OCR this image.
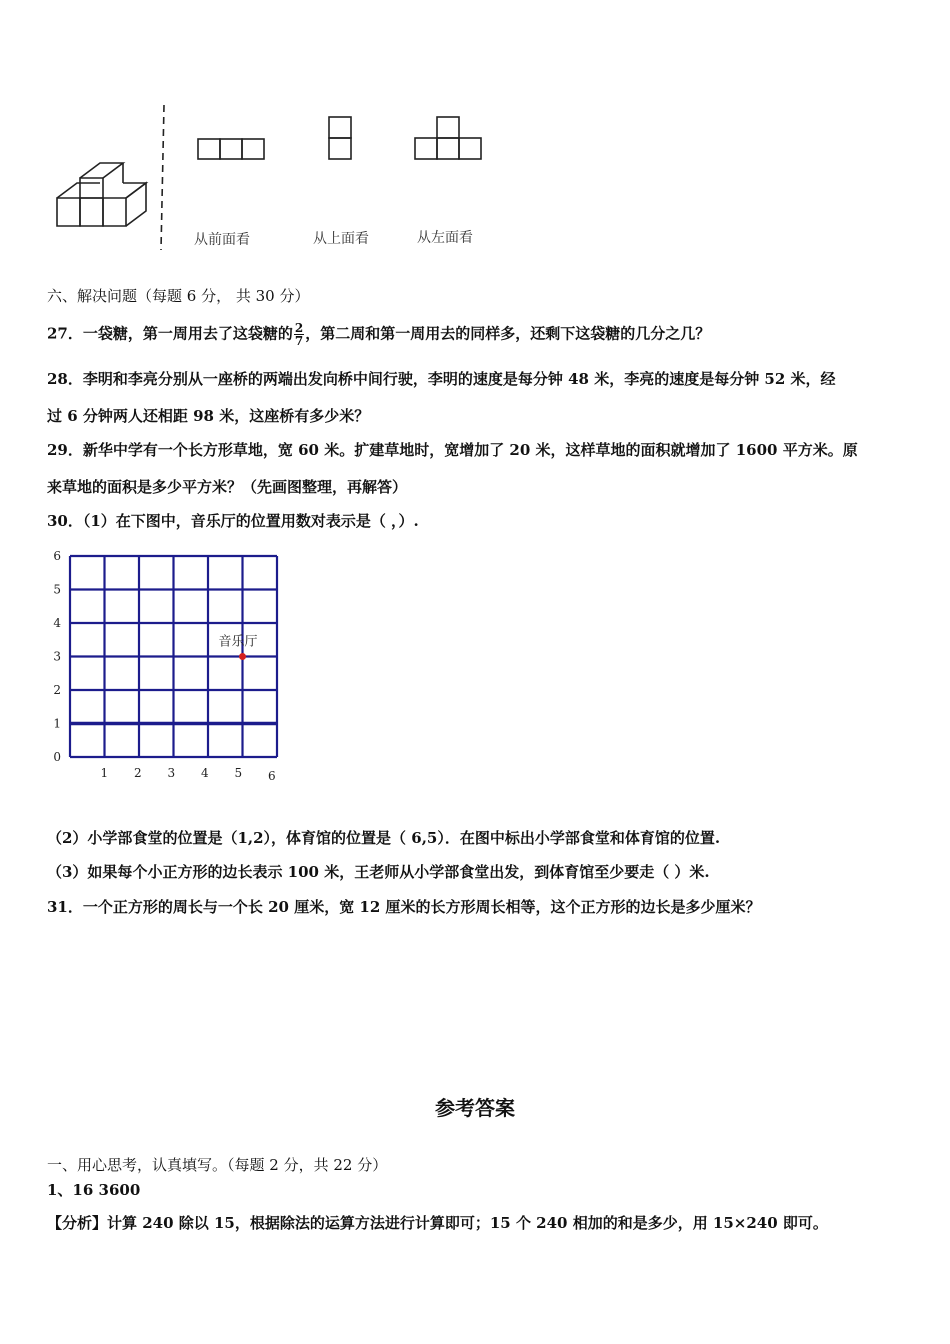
从前面看	从上面看	从左面看
六、解决问题（每题 6 分， 共 30 分）
27．一袋糖，第一周用去了这袋糖的 $\frac{2}{7}$ ，第二周和第一周用去的同样多，还剩下这袋糖的几分之几？
28．李明和李亮分别从一座桥的两端出发向桥中间行驶，李明的速度是每分钟 48 米，李亮的速度是每分钟 52 米，经
过 6 分钟两人还相距 98 米，这座桥有多少米？
29．新华中学有一个长方形草地，宽 60 米。扩建草地时，宽增加了 20 米，这样草地的面积就增加了 1600 平方米。原
来草地的面积是多少平方米？（先画图整理，再解答）
30．（1）在下图中，音乐厅的位置用数对表示是（ ，）.
1 2 3 4 5 6
0
1
2
3
4
5
6
音乐厅
（2）小学部食堂的位置是（1,2），体育馆的位置是（ 6,5）．在图中标出小学部食堂和体育馆的位置.
（3）如果每个小正方形的边长表示 100 米，王老师从小学部食堂出发，到体育馆至少要走（ ）米.
31．一个正方形的周长与一个长 20 厘米，宽 12 厘米的长方形周长相等，这个正方形的边长是多少厘米？
参考答案
一、用心思考，认真填写。（每题 2 分，共 22 分）
1、16 3600
【分析】计算 240 除以 15，根据除法的运算方法进行计算即可；15 个 240 相加的和是多少，用 15×240 即可。
